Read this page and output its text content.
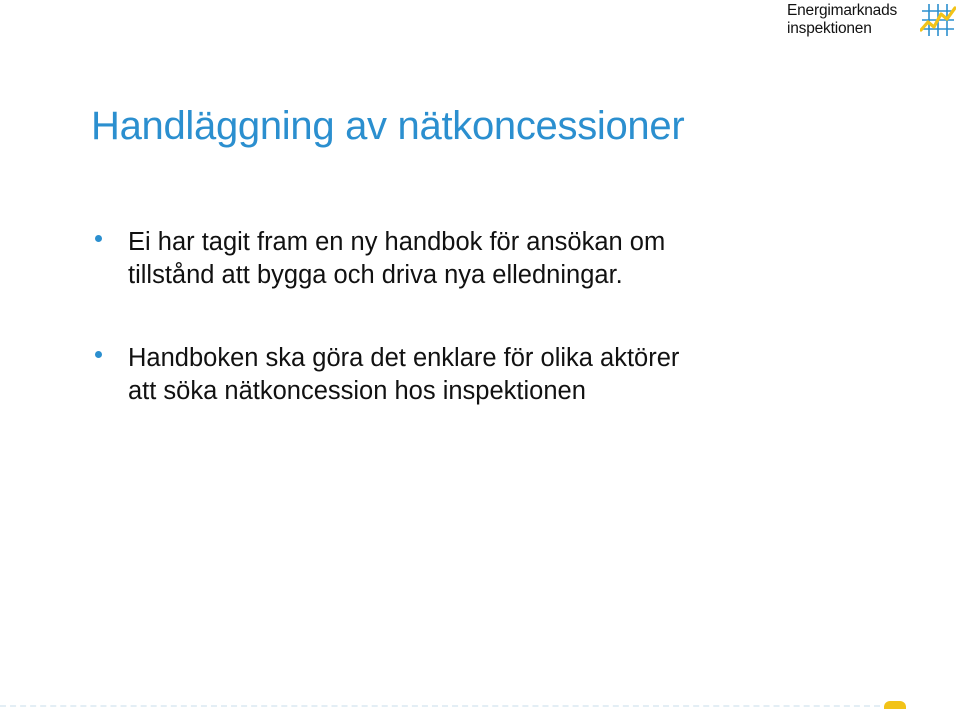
Energimarknads
inspektionen
Handläggning av nätkoncessioner
Ei har tagit fram en ny handbok för ansökan om
tillstånd att bygga och driva nya elledningar.
Handboken ska göra det enklare för olika aktörer
att söka nätkoncession hos inspektionen
